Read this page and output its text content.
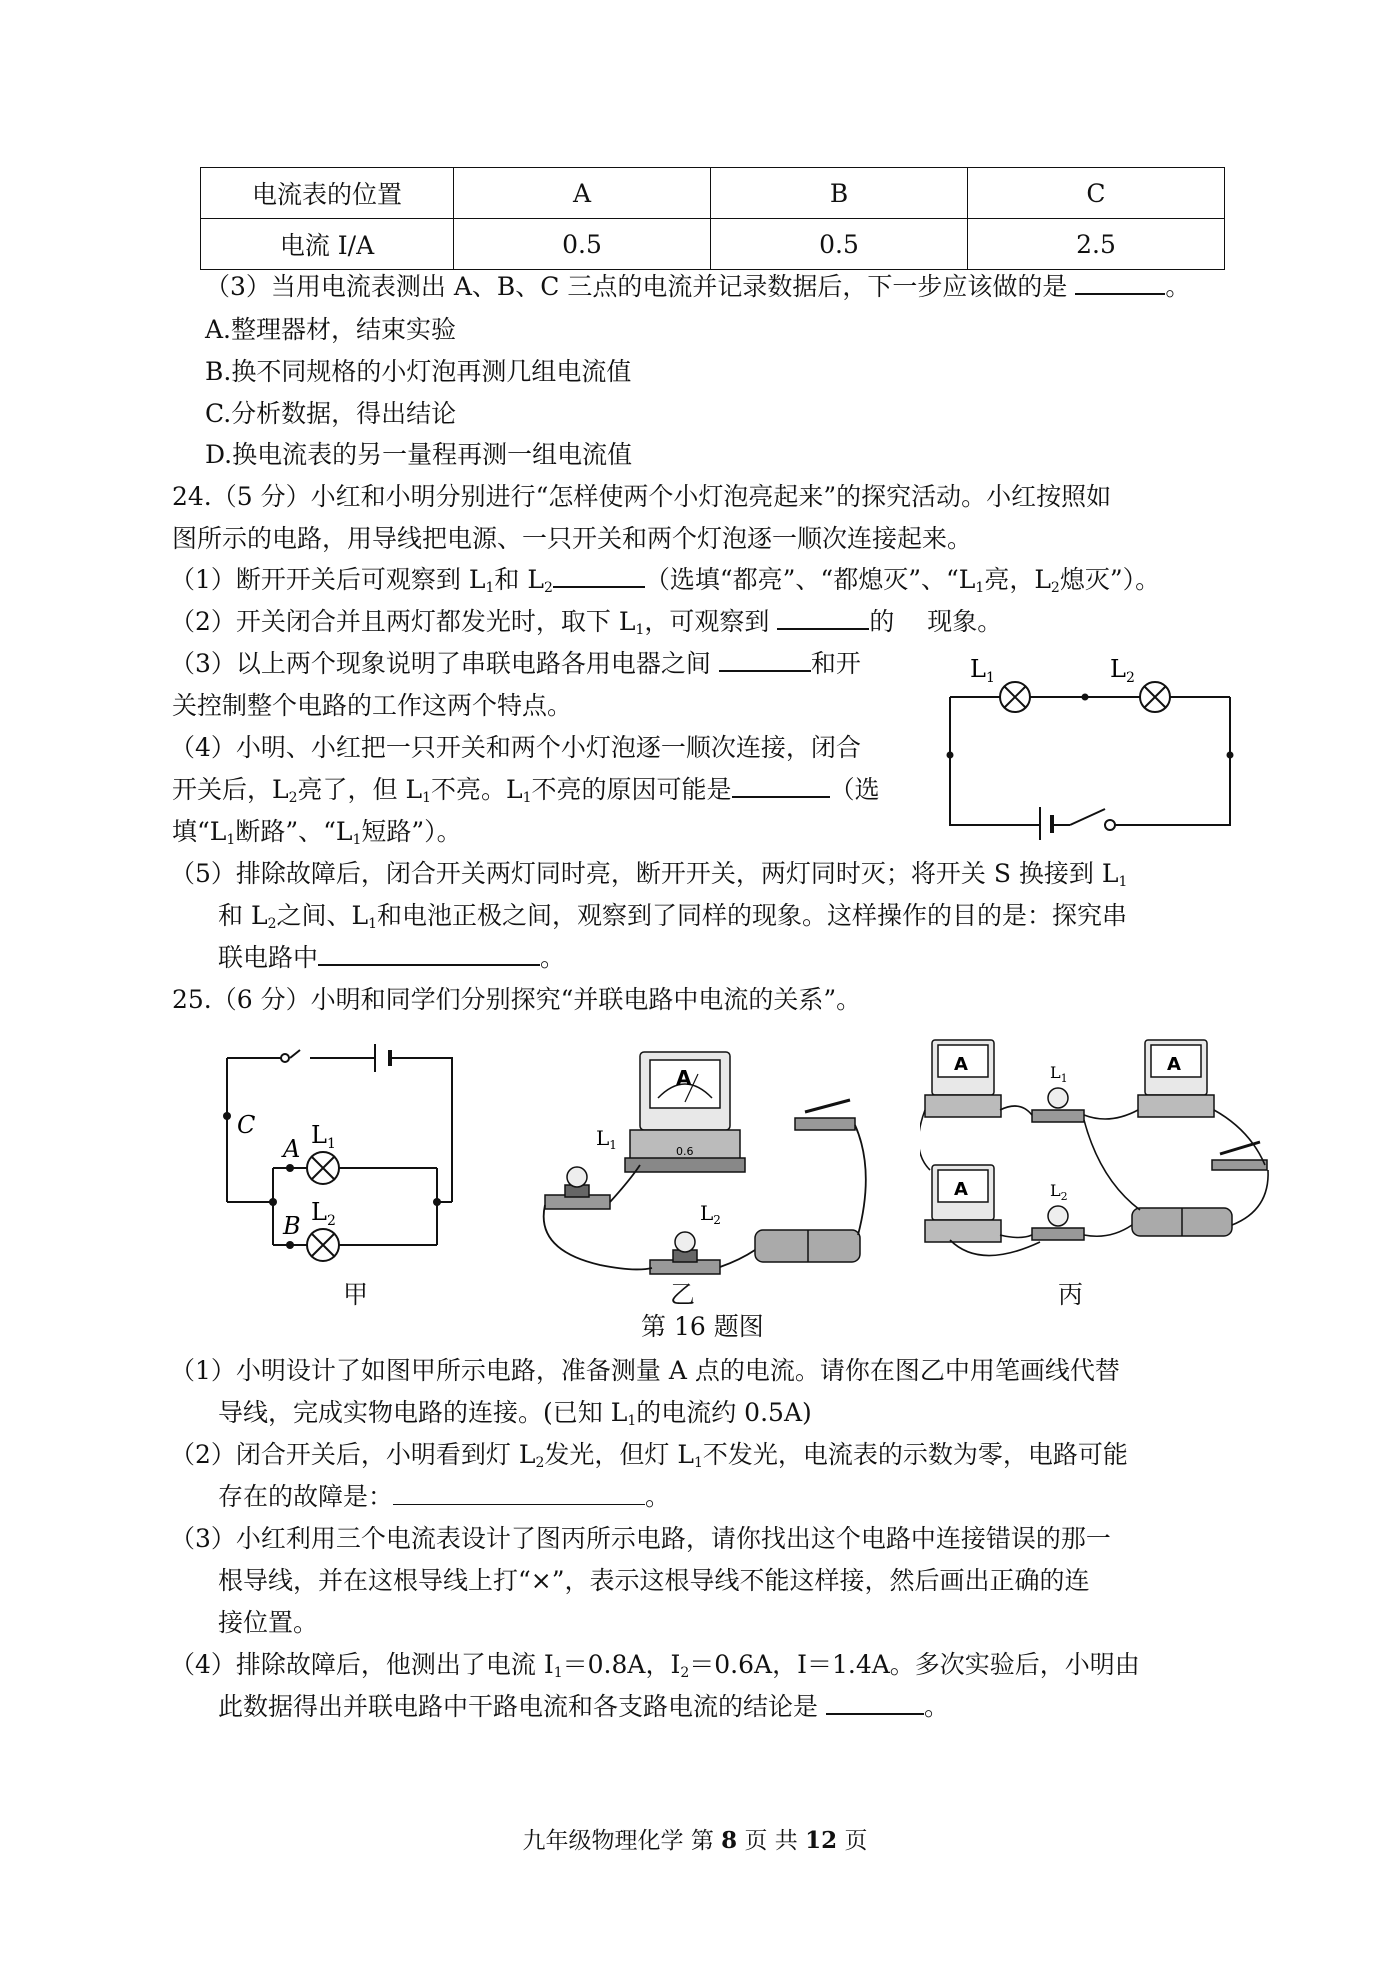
电流表的位置	A	B	C
电流 I/A	0.5	0.5	2.5
（3）当用电流表测出 A、B、C 三点的电流并记录数据后，下一步应该做的是	。
A.整理器材，结束实验
B.换不同规格的小灯泡再测几组电流值
C.分析数据，得出结论
D.换电流表的另一量程再测一组电流值
24.（5 分）小红和小明分别进行“怎样使两个小灯泡亮起来”的探究活动。小红按照如
图所示的电路，用导线把电源、一只开关和两个灯泡逐一顺次连接起来。
（1）断开开关后可观察到 $L_1$和 $L_2$	（选填“都亮”、“都熄灭”、“$L_1$亮，$L_2$熄灭”）。
（2）开关闭合并且两灯都发光时，取下 $L_1$，可观察到	的　 现象。
（3）以上两个现象说明了串联电路各用电器之间	和开
关控制整个电路的工作这两个特点。
（4）小明、小红把一只开关和两个小灯泡逐一顺次连接，闭合
开关后，$L_2$亮了，但 $L_1$不亮。$L_1$不亮的原因可能是	（选
填“$L_1$断路”、“$L_1$短路”）。
（5）排除故障后，闭合开关两灯同时亮，断开开关，两灯同时灭；将开关 S 换接到 $L_1$
和 $L_2$之间、$L_1$和电池正极之间，观察到了同样的现象。这样操作的目的是：探究串
联电路中	。
$L_1$	$L_2$
25.（6 分）小明和同学们分别探究“并联电路中电流的关系”。
C
A
B
$L_1$
$L_2$
甲
A
0.6
$L_1$
$L_2$
乙
A	A
A
$L_1$
$L_2$
丙
第 16 题图
（1）小明设计了如图甲所示电路，准备测量 A 点的电流。请你在图乙中用笔画线代替
导线，完成实物电路的连接。(已知 $L_1$的电流约 0.5A)
（2）闭合开关后，小明看到灯 $L_2$发光，但灯 $L_1$不发光，电流表的示数为零，电路可能
存在的故障是：	。
（3）小红利用三个电流表设计了图丙所示电路，请你找出这个电路中连接错误的那一
根导线，并在这根导线上打“×”，表示这根导线不能这样接，然后画出正确的连
接位置。
（4）排除故障后，他测出了电流 $I_1=0.8A$，$I_2=0.6A$，I＝1.4A。多次实验后，小明由
此数据得出并联电路中干路电流和各支路电流的结论是	。
九年级物理化学 第 8 页 共 12 页
